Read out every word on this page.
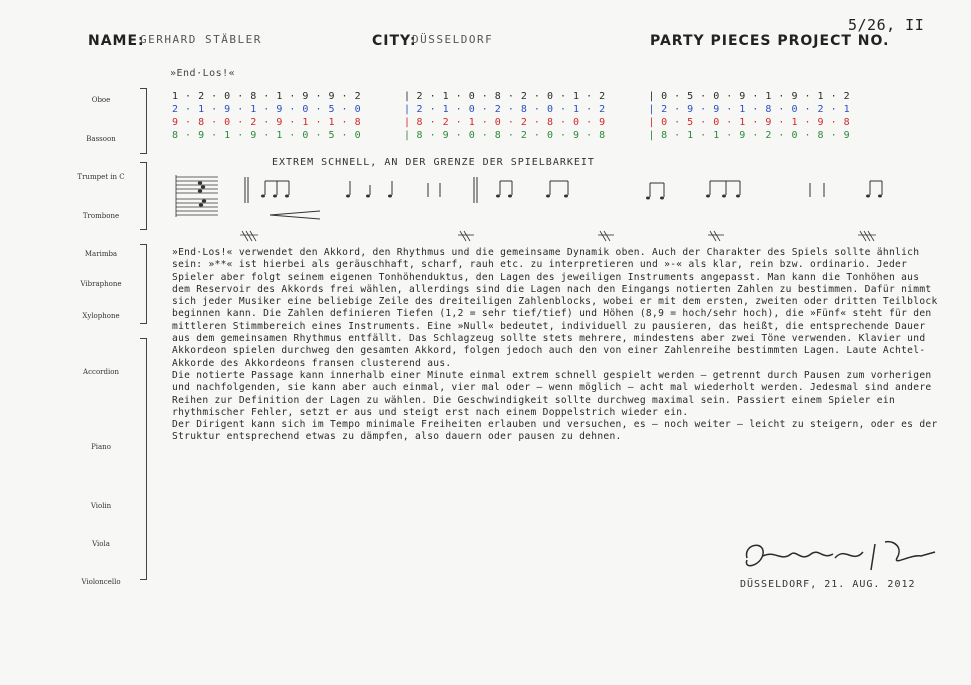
NAME:
GERHARD STÄBLER	CITY:
DÜSSELDORF	PARTY PIECES PROJECT NO.
5/26, II
»End·Los!«
Oboe
Bassoon
Trumpet in C
Trombone
Marimba
Vibraphone
Xylophone
Accordion
Piano
Violin
Viola
Violoncello
1 · 2 · 0 · 8 · 1 · 9 · 9 · 2	| 2 · 1 · 0 · 8 · 2 · 0 · 1 · 2	| 0 · 5 · 0 · 9 · 1 · 9 · 1 · 2
2 · 1 · 9 · 1 · 9 · 0 · 5 · 0	| 2 · 1 · 0 · 2 · 8 · 0 · 1 · 2	| 2 · 9 · 9 · 1 · 8 · 0 · 2 · 1
9 · 8 · 0 · 2 · 9 · 1 · 1 · 8	| 8 · 2 · 1 · 0 · 2 · 8 · 0 · 9	| 0 · 5 · 0 · 1 · 9 · 1 · 9 · 8
8 · 9 · 1 · 9 · 1 · 0 · 5 · 0	| 8 · 9 · 0 · 8 · 2 · 0 · 9 · 8	| 8 · 1 · 1 · 9 · 2 · 0 · 8 · 9
EXTREM SCHNELL, AN DER GRENZE DER SPIELBARKEIT

»End·Los!« verwendet den Akkord, den Rhythmus und die gemeinsame Dynamik oben. Auch der Charakter des Spiels sollte ähnlich sein: »**« ist hierbei als geräuschhaft, scharf, rauh etc. zu interpretieren und »-« als klar, rein bzw. ordinario. Jeder Spieler aber folgt seinem eigenen Tonhöhenduktus, den Lagen des jeweiligen Instruments angepasst. Man kann die Tonhöhen aus dem Reservoir des Akkords frei wählen, allerdings sind die Lagen nach den Eingangs notierten Zahlen zu bestimmen. Dafür nimmt sich jeder Musiker eine beliebige Zeile des dreiteiligen Zahlenblocks, wobei er mit dem ersten, zweiten oder dritten Teilblock beginnen kann. Die Zahlen definieren Tiefen (1,2 = sehr tief/tief) und Höhen (8,9 = hoch/sehr hoch), die »Fünf« steht für den mittleren Stimmbereich eines Instruments. Eine »Null« bedeutet, individuell zu pausieren, das heißt, die entsprechende Dauer aus dem gemeinsamen Rhythmus entfällt. Das Schlagzeug sollte stets mehrere, mindestens aber zwei Töne verwenden. Klavier und Akkordeon spielen durchweg den gesamten Akkord, folgen jedoch auch den von einer Zahlenreihe bestimmten Lagen. Laute Achtel-Akkorde des Akkordeons fransen clusterend aus.

Die notierte Passage kann innerhalb einer Minute einmal extrem schnell gespielt werden – getrennt durch Pausen zum vorherigen und nachfolgenden, sie kann aber auch einmal, vier mal oder – wenn möglich – acht mal wiederholt werden. Jedesmal sind andere Reihen zur Definition der Lagen zu wählen. Die Geschwindigkeit sollte durchweg maximal sein. Passiert einem Spieler ein rhythmischer Fehler, setzt er aus und steigt erst nach einem Doppelstrich wieder ein.

Der Dirigent kann sich im Tempo minimale Freiheiten erlauben und versuchen, es – noch weiter – leicht zu steigern, oder es der Struktur entsprechend etwas zu dämpfen, also dauern oder pausen zu dehnen.

DÜSSELDORF, 21. AUG. 2012
